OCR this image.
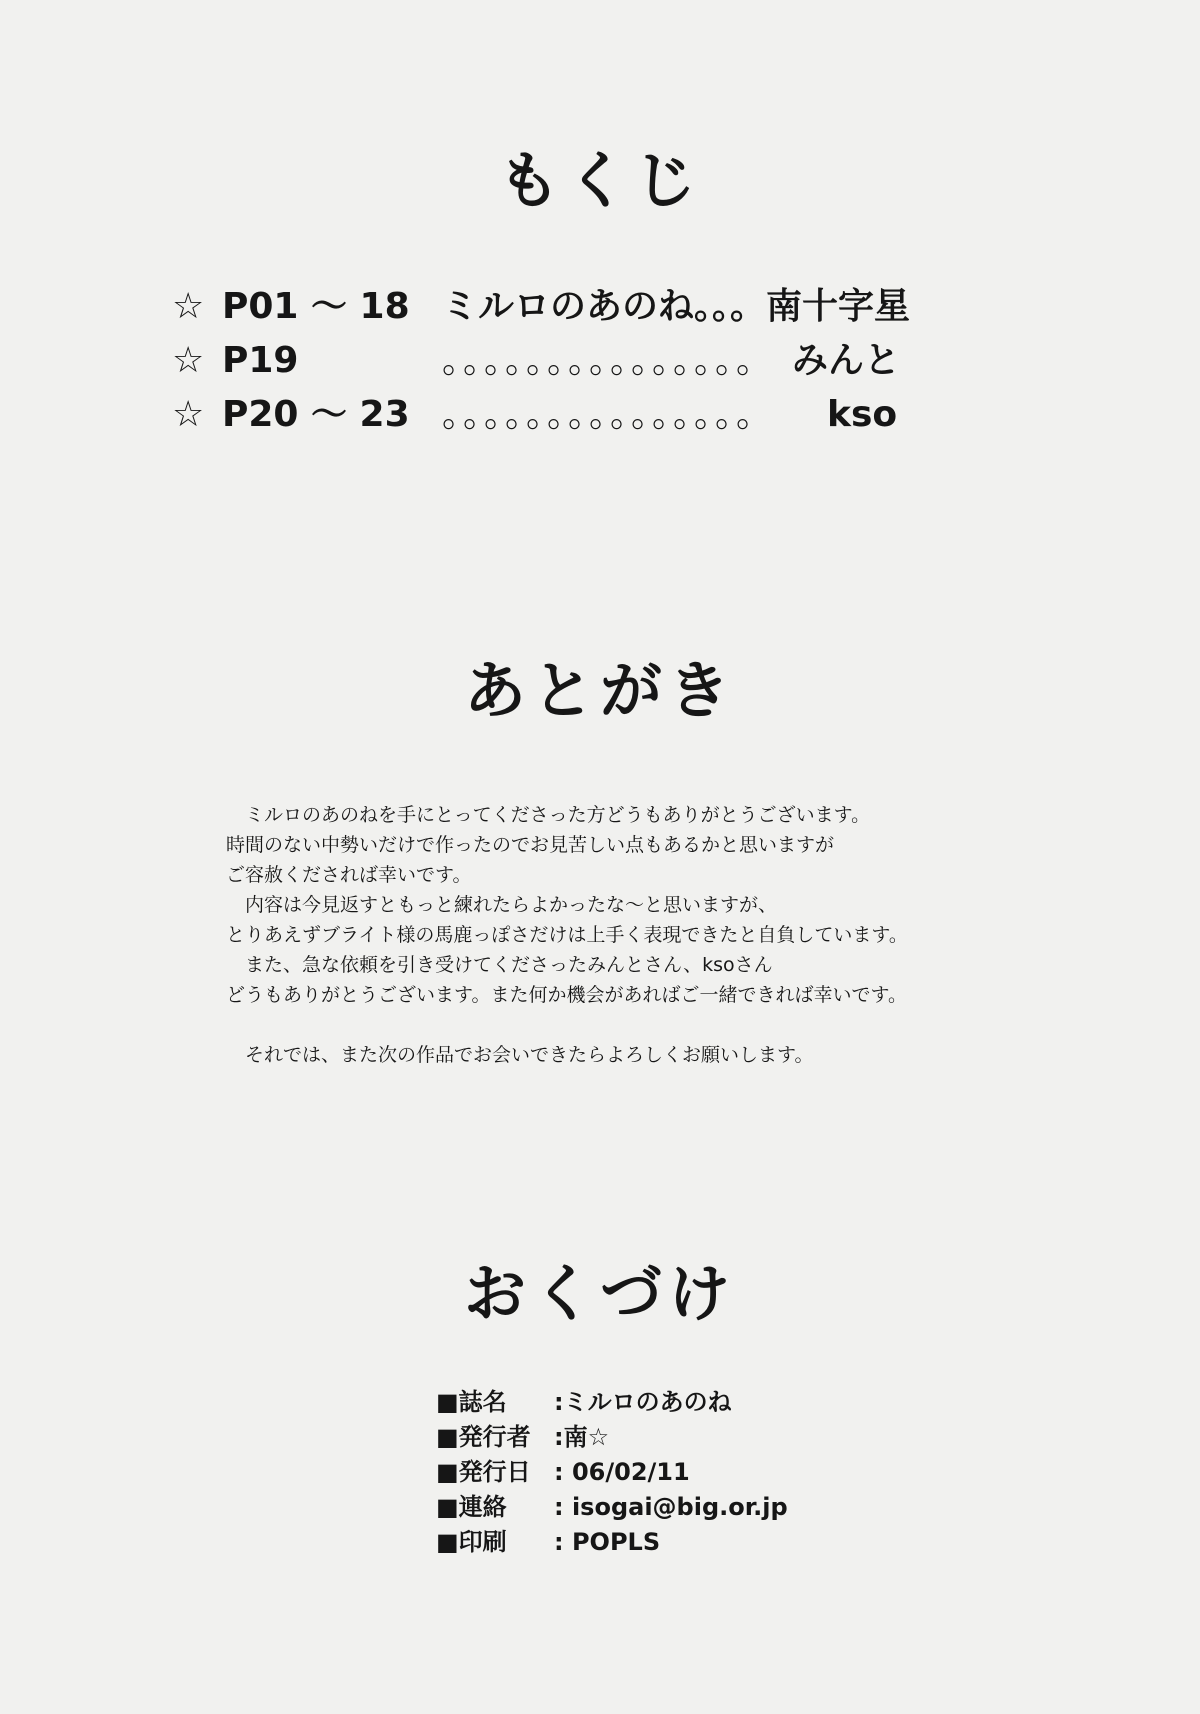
もくじ
☆ P01 ～ 18 ミルロのあのね。。。南十字星
☆ P19	。。。。。。。。。。。。。。。 みんと
☆ P20 ～ 23 。。。。。。。。。。。。。。。 kso
あとがき

　ミルロのあのねを手にとってくださった方どうもありがとうございます。

時間のない中勢いだけで作ったのでお見苦しい点もあるかと思いますが

ご容赦くだされば幸いです。

　内容は今見返すともっと練れたらよかったな～と思いますが、

とりあえずブライト様の馬鹿っぽさだけは上手く表現できたと自負しています。

　また、急な依頼を引き受けてくださったみんとさん、ksoさん

どうもありがとうございます。また何か機会があればご一緒できれば幸いです。

　それでは、また次の作品でお会いできたらよろしくお願いします。

おくづけ
■誌名 :ミルロのあのね
■発行者 :南☆
■発行日 : 06/02/11
■連絡 : isogai@big.or.jp
■印刷 : POPLS
